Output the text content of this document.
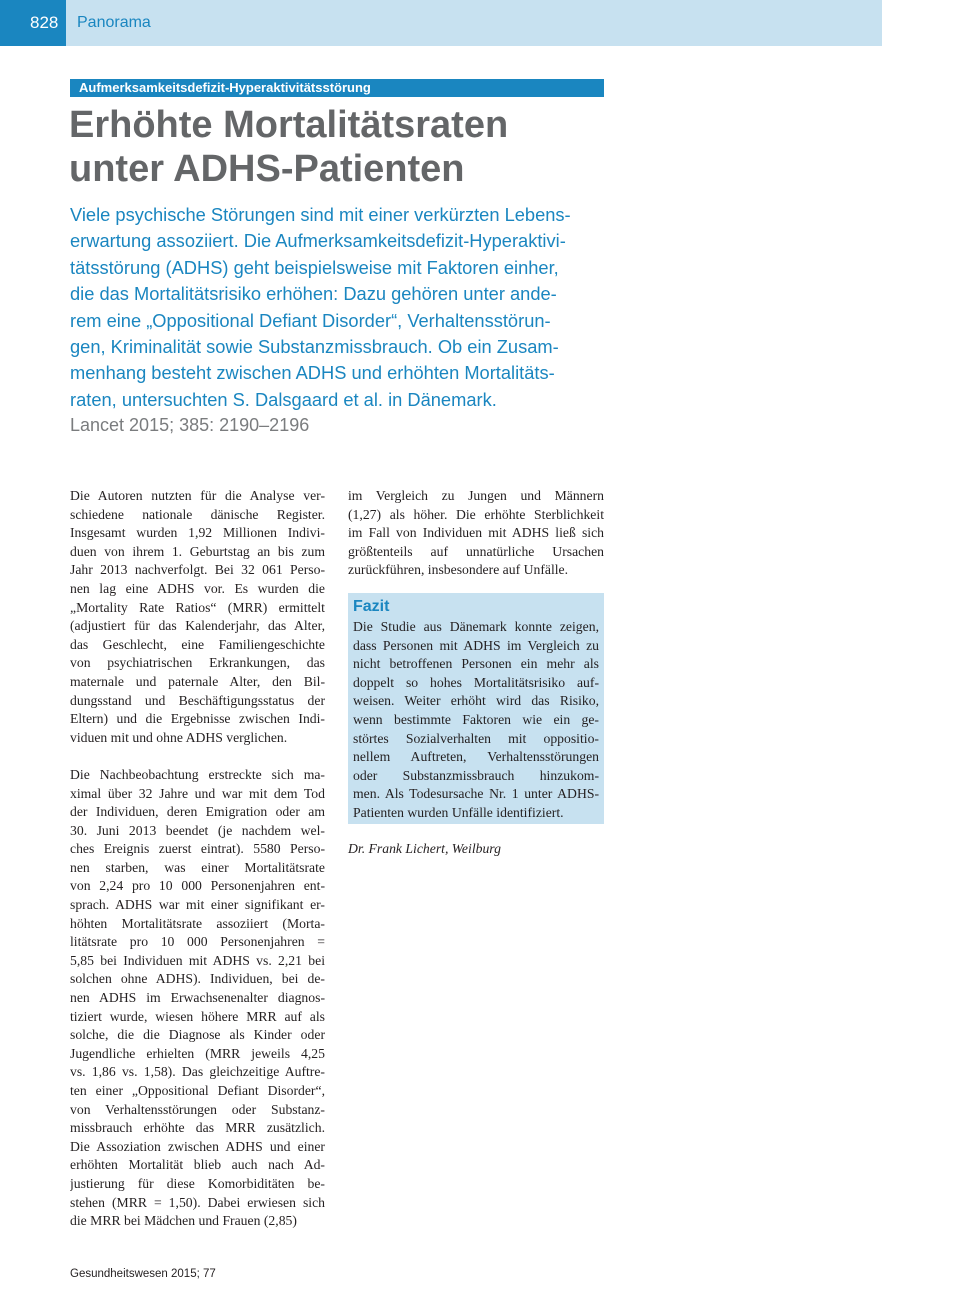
828	Panorama
Aufmerksamkeitsdefizit-Hyperaktivitätsstörung
Erhöhte Mortalitätsraten
unter ADHS-Patienten
Viele psychische Störungen sind mit einer verkürzten Lebens-
erwartung assoziiert. Die Aufmerksamkeitsdefizit-Hyperaktivi-
tätsstörung (ADHS) geht beispielsweise mit Faktoren einher,
die das Mortalitätsrisiko erhöhen: Dazu gehören unter ande-
rem eine „Oppositional Defiant Disorder“, Verhaltensstörun-
gen, Kriminalität sowie Substanzmissbrauch. Ob ein Zusam-
menhang besteht zwischen ADHS und erhöhten Mortalitäts-
raten, untersuchten S. Dalsgaard et al. in Dänemark.
Lancet 2015; 385: 2190–2196

Die Autoren nutzten für die Analyse ver-
schiedene nationale dänische Register.
Insgesamt wurden 1,92 Millionen Indivi-
duen von ihrem 1. Geburtstag an bis zum
Jahr 2013 nachverfolgt. Bei 32 061 Perso-
nen lag eine ADHS vor. Es wurden die
„Mortality Rate Ratios“ (MRR) ermittelt
(adjustiert für das Kalenderjahr, das Alter,
das Geschlecht, eine Familiengeschichte
von psychiatrischen Erkrankungen, das
maternale und paternale Alter, den Bil-
dungsstand und Beschäftigungsstatus der
Eltern) und die Ergebnisse zwischen Indi-
viduen mit und ohne ADHS verglichen.

Die Nachbeobachtung erstreckte sich ma-
ximal über 32 Jahre und war mit dem Tod
der Individuen, deren Emigration oder am
30. Juni 2013 beendet (je nachdem wel-
ches Ereignis zuerst eintrat). 5580 Perso-
nen starben, was einer Mortalitätsrate
von 2,24 pro 10 000 Personenjahren ent-
sprach. ADHS war mit einer signifikant er-
höhten Mortalitätsrate assoziiert (Morta-
litätsrate pro 10 000 Personenjahren =
5,85 bei Individuen mit ADHS vs. 2,21 bei
solchen ohne ADHS). Individuen, bei de-
nen ADHS im Erwachsenenalter diagnos-
tiziert wurde, wiesen höhere MRR auf als
solche, die die Diagnose als Kinder oder
Jugendliche erhielten (MRR jeweils 4,25
vs. 1,86 vs. 1,58). Das gleichzeitige Auftre-
ten einer „Oppositional Defiant Disorder“,
von Verhaltensstörungen oder Substanz-
missbrauch erhöhte das MRR zusätzlich.
Die Assoziation zwischen ADHS und einer
erhöhten Mortalität blieb auch nach Ad-
justierung für diese Komorbiditäten be-
stehen (MRR = 1,50). Dabei erwiesen sich
die MRR bei Mädchen und Frauen (2,85)

im Vergleich zu Jungen und Männern
(1,27) als höher. Die erhöhte Sterblichkeit
im Fall von Individuen mit ADHS ließ sich
größtenteils auf unnatürliche Ursachen
zurückführen, insbesondere auf Unfälle.

Fazit
Die Studie aus Dänemark konnte zeigen,
dass Personen mit ADHS im Vergleich zu
nicht betroffenen Personen ein mehr als
doppelt so hohes Mortalitätsrisiko auf-
weisen. Weiter erhöht wird das Risiko,
wenn bestimmte Faktoren wie ein ge-
störtes Sozialverhalten mit oppositio-
nellem Auftreten, Verhaltensstörungen
oder Substanzmissbrauch hinzukom-
men. Als Todesursache Nr. 1 unter ADHS-
Patienten wurden Unfälle identifiziert.
Dr. Frank Lichert, Weilburg
Gesundheitswesen 2015; 77
